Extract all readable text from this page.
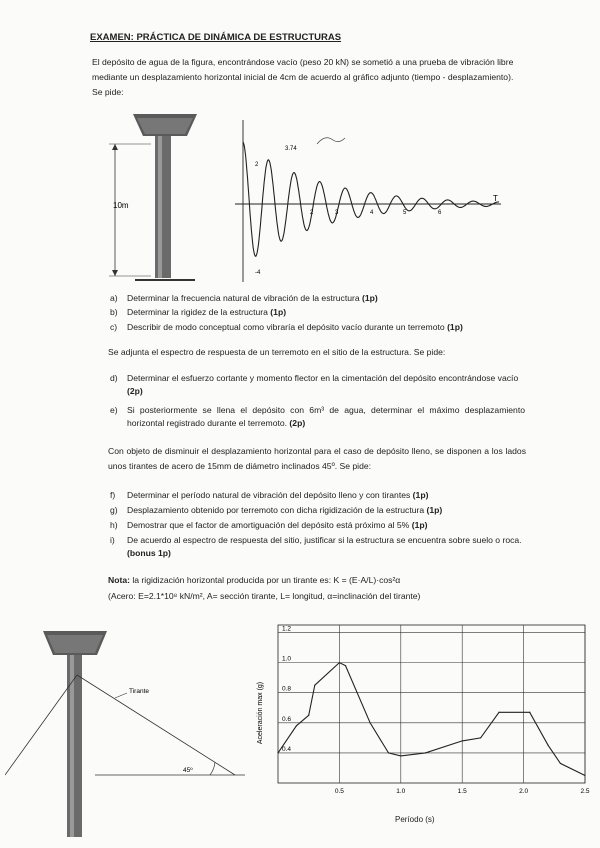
EXAMEN: PRÁCTICA DE DINÁMICA DE ESTRUCTURAS
El depósito de agua de la figura, encontrándose vacío (peso 20 kN) se sometió a una prueba de vibración libre mediante un desplazamiento horizontal inicial de 4cm de acuerdo al gráfico adjunto (tiempo - desplazamiento). Se pide:
10m
3.74
2
-4
2	3	4	5	6
T
a) Determinar la frecuencia natural de vibración de la estructura (1p)
b) Determinar la rigidez de la estructura (1p)
c) Describir de modo conceptual como vibraría el depósito vacío durante un terremoto (1p)
Se adjunta el espectro de respuesta de un terremoto en el sitio de la estructura. Se pide:
d) Determinar el esfuerzo cortante y momento flector en la cimentación del depósito encontrándose vacío (2p)
e) Si posteriormente se llena el depósito con 6m³ de agua, determinar el máximo desplazamiento horizontal registrado durante el terremoto. (2p)
Con objeto de disminuir el desplazamiento horizontal para el caso de depósito lleno, se disponen a los lados unos tirantes de acero de 15mm de diámetro inclinados 45º. Se pide:
f) Determinar el período natural de vibración del depósito lleno y con tirantes (1p)
g) Desplazamiento obtenido por terremoto con dicha rigidización de la estructura (1p)
h) Demostrar que el factor de amortiguación del depósito está próximo al 5% (1p)
i) De acuerdo al espectro de respuesta del sitio, justificar si la estructura se encuentra sobre suelo o roca. (bonus 1p)
Nota: la rigidización horizontal producida por un tirante es: K = (E·A/L)·cos²α
(Acero: E=2.1*10⁸ kN/m², A= sección tirante, L= longitud, α=inclinación del tirante)
Tirante
45º
0.5	1.0	1.5	2.0	2.5
0.4
0.6
0.8
1.0
1.2
Aceleración max (g)
Período (s)
